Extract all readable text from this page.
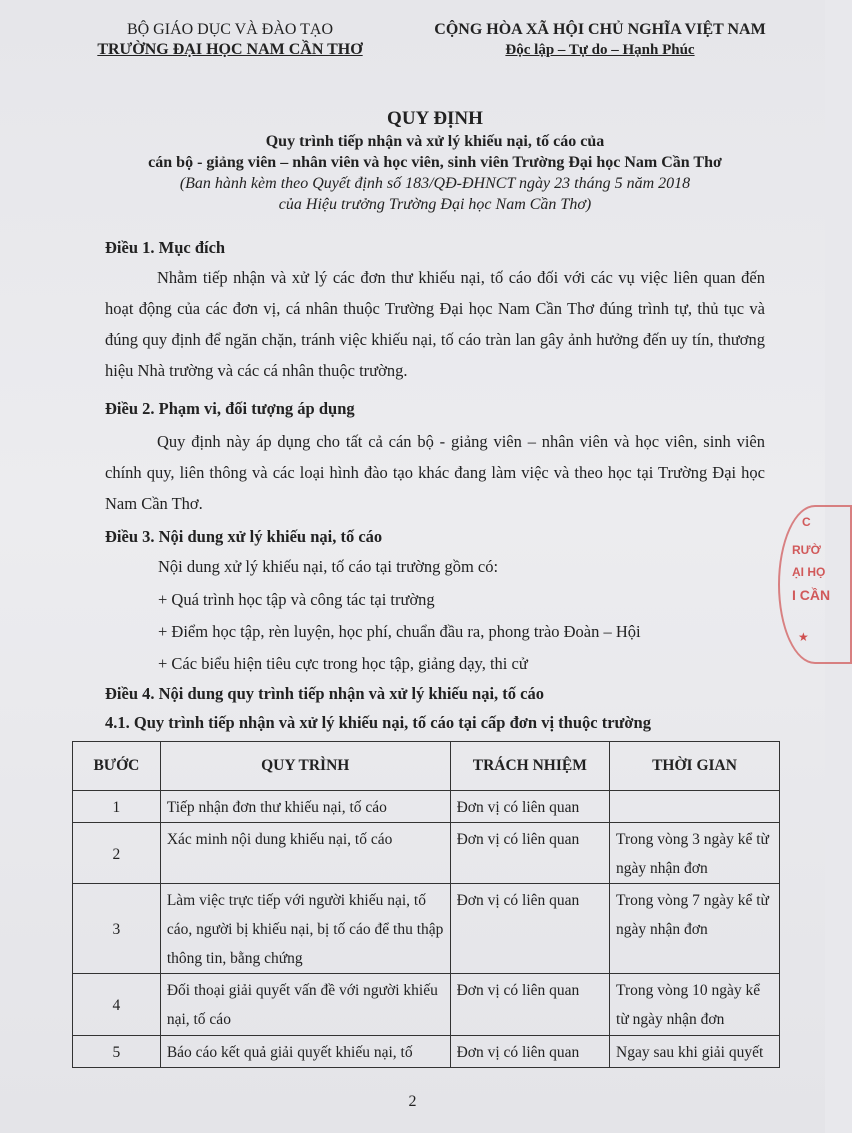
BỘ GIÁO DỤC VÀ ĐÀO TẠO
TRƯỜNG ĐẠI HỌC NAM CẦN THƠ
CỘNG HÒA XÃ HỘI CHỦ NGHĨA VIỆT NAM
Độc lập – Tự do – Hạnh Phúc
QUY ĐỊNH
Quy trình tiếp nhận và xử lý khiếu nại, tố cáo của
cán bộ - giảng viên – nhân viên và học viên, sinh viên Trường Đại học Nam Cần Thơ
(Ban hành kèm theo Quyết định số 183/QĐ-ĐHNCT ngày 23 tháng 5 năm 2018
của Hiệu trưởng Trường Đại học Nam Cần Thơ)
Điều 1. Mục đích
Nhằm tiếp nhận và xử lý các đơn thư khiếu nại, tố cáo đối với các vụ việc liên quan đến hoạt động của các đơn vị, cá nhân thuộc Trường Đại học Nam Cần Thơ đúng trình tự, thủ tục và đúng quy định để ngăn chặn, tránh việc khiếu nại, tố cáo tràn lan gây ảnh hưởng đến uy tín, thương hiệu Nhà trường và các cá nhân thuộc trường.
Điều 2. Phạm vi, đối tượng áp dụng
Quy định này áp dụng cho tất cả cán bộ - giảng viên – nhân viên và học viên, sinh viên chính quy, liên thông và các loại hình đào tạo khác đang làm việc và theo học tại Trường Đại học Nam Cần Thơ.
Điều 3. Nội dung xử lý khiếu nại, tố cáo
Nội dung xử lý khiếu nại, tố cáo tại trường gồm có:
+ Quá trình học tập và công tác tại trường
+ Điểm học tập, rèn luyện, học phí, chuẩn đầu ra, phong trào Đoàn – Hội
+ Các biểu hiện tiêu cực trong học tập, giảng dạy, thi cử
Điều 4. Nội dung quy trình tiếp nhận và xử lý khiếu nại, tố cáo
4.1. Quy trình tiếp nhận và xử lý khiếu nại, tố cáo tại cấp đơn vị thuộc trường
BƯỚC	QUY TRÌNH	TRÁCH NHIỆM	THỜI GIAN
1	Tiếp nhận đơn thư khiếu nại, tố cáo	Đơn vị có liên quan	
2	Xác minh nội dung khiếu nại, tố cáo	Đơn vị có liên quan	Trong vòng 3 ngày kể từ ngày nhận đơn
3	Làm việc trực tiếp với người khiếu nại, tố cáo, người bị khiếu nại, bị tố cáo để thu thập thông tin, bằng chứng	Đơn vị có liên quan	Trong vòng 7 ngày kể từ ngày nhận đơn
4	Đối thoại giải quyết vấn đề với người khiếu nại, tố cáo	Đơn vị có liên quan	Trong vòng 10 ngày kể từ ngày nhận đơn
5	Báo cáo kết quả giải quyết khiếu nại, tố	Đơn vị có liên quan	Ngay sau khi giải quyết
C
RƯỜ
ẠI HỌ
I CẦN
★
2
